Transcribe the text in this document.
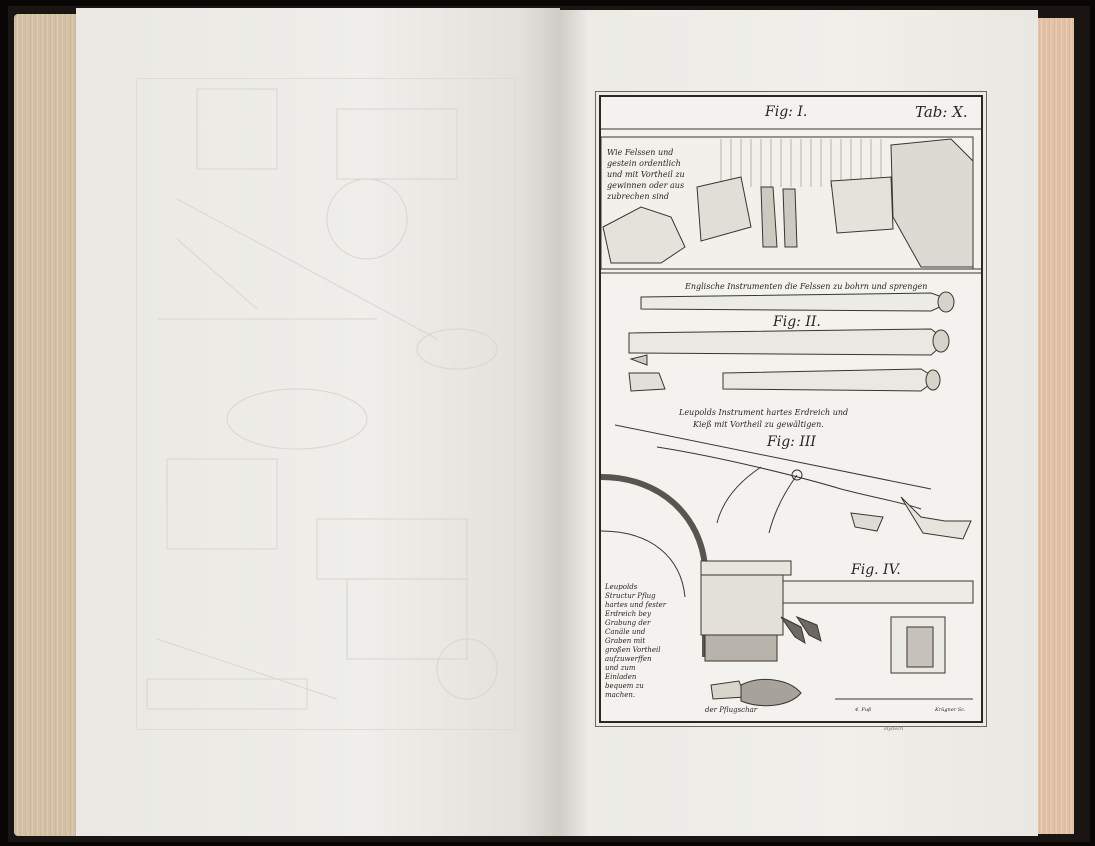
Fig: I.	Tab: X.
Wie Felssen und gestein ordentlich und mit Vortheil zu gewinnen oder aus zubrechen sind
Englische Instrumenten die Felssen zu bohrn und sprengen
Fig: II.
Leupolds Instrument hartes Erdreich und
Kieß mit Vortheil zu gewältigen.
Fig: III
Fig. IV.
Leupolds Structur Pflug hartes und fester Erdreich bey Grabung der Canäle und Graben mit großen Vortheil aufzuwerffen und zum Einladen bequem zu machen.
der Pflugschar	4. Fuß	Krügner Sc.
Hydech
